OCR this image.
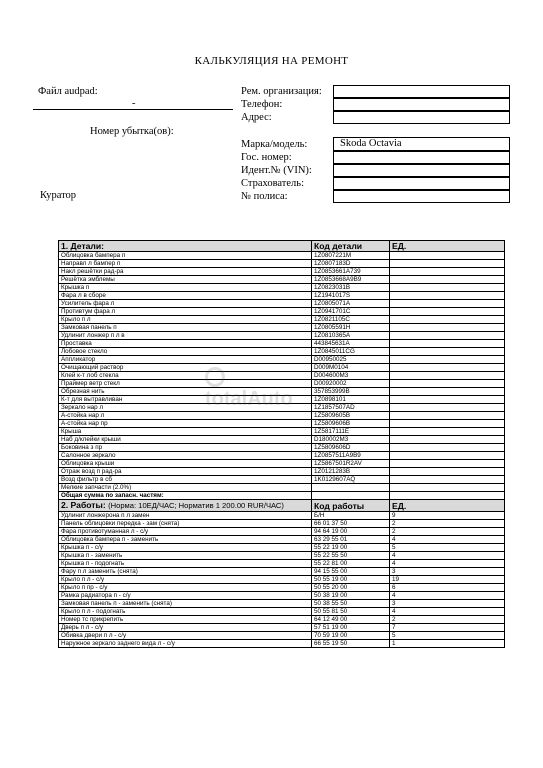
КАЛЬКУЛЯЦИЯ НА РЕМОНТ
Файл audpad:
-
Номер убытка(ов):
Куратор
Рем. организация:
Телефон:
Адрес:
Марка/модель:
Гос. номер:
Идент.№ (VIN):
Страхователь:
№ полиса:
Skoda Octavia
1. Детали:	Код детали	ЕД.
Облицовка бампера п	1Z0807221M	
Направл л бампер п	1Z0807183D	
Накл решётки рад-ра	1Z0853661A739	
Решётка эмблемы	1Z0853668A9B9	
Крышка п	1Z0823031B	
Фара л в сборе	1Z1941017S	
Усилитель фара л	1Z0805071A	
Противтум фара л	1Z0941701C	
Крыло п л	1Z0821105C	
Замковая панель п	1Z0805591H	
Удлинит лонжер п л в	1Z0810365A	
Проставка	443845631A	
Лобовое стекло	1Z0845011CG	
Аппликатор	D00950025	
Очищающий раствор	D009M0104	
Клей к-т лоб стекла	D004600M3	
Праймер ветр стекл	D00920002	
Обрезная нить	357853999B	
К-т для вытравливан	1Z0898101	
Зеркало нар л	1Z1857507AD	
А-стойка нар л	1Z5809605B	
А-стойка нар пр	1Z5809606B	
Крыша	1Z5817111E	
Наб д/клейки крыши	D180002M3	
Боковина з пр	1Z5809606D	
Салонное зеркало	1Z0857511A9B9	
Облицовка крыши	1Z5867501R2AV	
Отраж возд п рад-ра	1Z0121283B	
Возд фильтр в сб	1K0129607AQ	
Мелкие запчасти (2.0%)		
Общая сумма по запасн. частям:		
2. Работы: (Норма: 10ЕД/ЧАС; Норматив 1 200.00 RUR/ЧАС)	Код работы	ЕД.
Удлинит лонжерона п л замен	Б/Н	9
Панель облицовки передка - зам (снята)	66 01 37 50	2
Фара противотуманная л - с/у	94 64 19 00	2
Облицовка бампера п - заменить	63 29 55 01	4
Крышка п - с/у	55 22 19 00	5
Крышка п - заменить	55 22 55 50	4
Крышка п - подогнать	55 22 81 00	4
Фару п л заменить (снята)	94 15 55 00	3
Крыло п л - с/у	50 55 19 00	19
Крыло п пр - с/у	50 55 20 00	6
Рамка радиатора п - с/у	50 38 19 00	4
Замковая панель п - заменить (снята)	50 38 55 50	3
Крыло п л - подогнать	50 55 81 50	4
Номер тс прикрепить	64 12 49 00	2
Дверь п л - с/у	57 51 19 00	7
Обивка двери п л - с/у	70 59 19 00	5
Наружное зеркало заднего вида л - с/у	66 55 19 50	1
totalAuto
